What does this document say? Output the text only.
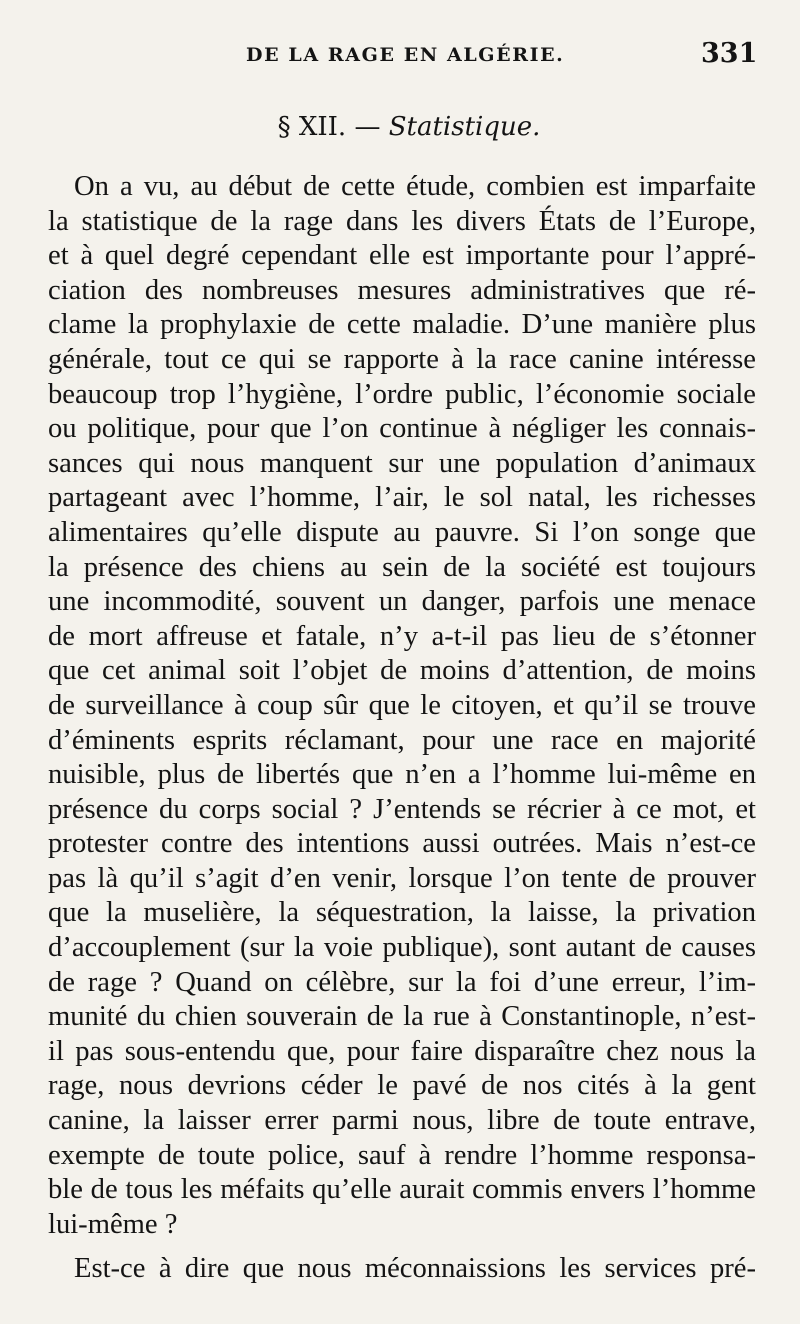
DE LA RAGE EN ALGÉRIE.	331
§ XII. — Statistique.
On a vu, au début de cette étude, combien est imparfaite
la statistique de la rage dans les divers États de l’Europe,
et à quel degré cependant elle est importante pour l’appré-
ciation des nombreuses mesures administratives que ré-
clame la prophylaxie de cette maladie. D’une manière plus
générale, tout ce qui se rapporte à la race canine intéresse
beaucoup trop l’hygiène, l’ordre public, l’économie sociale
ou politique, pour que l’on continue à négliger les connais-
sances qui nous manquent sur une population d’animaux
partageant avec l’homme, l’air, le sol natal, les richesses
alimentaires qu’elle dispute au pauvre. Si l’on songe que
la présence des chiens au sein de la société est toujours
une incommodité, souvent un danger, parfois une menace
de mort affreuse et fatale, n’y a-t-il pas lieu de s’étonner
que cet animal soit l’objet de moins d’attention, de moins
de surveillance à coup sûr que le citoyen, et qu’il se trouve
d’éminents esprits réclamant, pour une race en majorité
nuisible, plus de libertés que n’en a l’homme lui-même en
présence du corps social ? J’entends se récrier à ce mot, et
protester contre des intentions aussi outrées. Mais n’est-ce
pas là qu’il s’agit d’en venir, lorsque l’on tente de prouver
que la muselière, la séquestration, la laisse, la privation
d’accouplement (sur la voie publique), sont autant de causes
de rage ? Quand on célèbre, sur la foi d’une erreur, l’im-
munité du chien souverain de la rue à Constantinople, n’est-
il pas sous-entendu que, pour faire disparaître chez nous la
rage, nous devrions céder le pavé de nos cités à la gent
canine, la laisser errer parmi nous, libre de toute entrave,
exempte de toute police, sauf à rendre l’homme responsa-
ble de tous les méfaits qu’elle aurait commis envers l’homme
lui-même ?
Est-ce à dire que nous méconnaissions les services pré-
